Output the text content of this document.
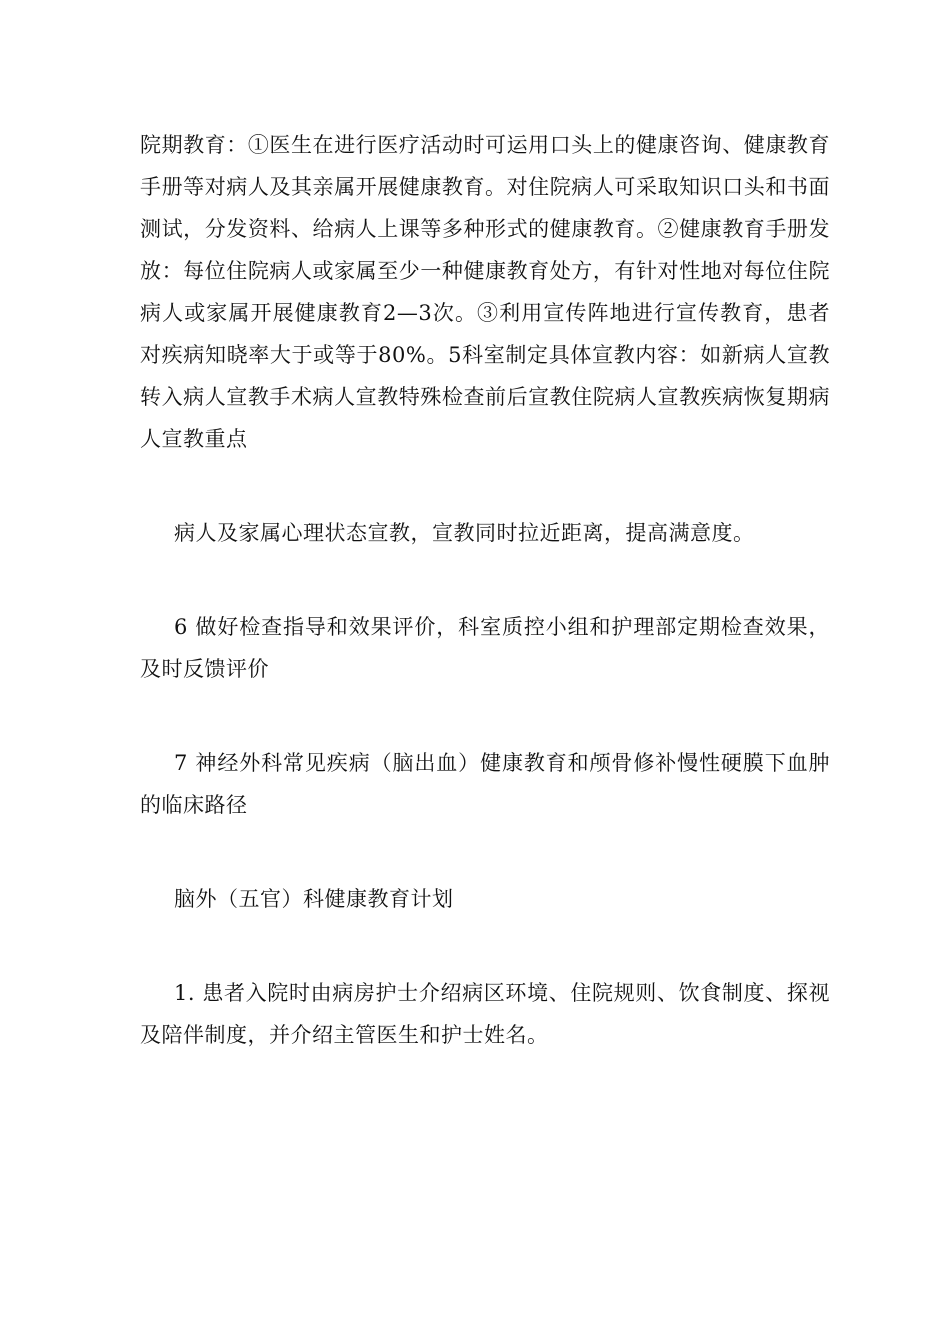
院期教育：①医生在进行医疗活动时可运用口头上的健康咨询、健康教育手册等对病人及其亲属开展健康教育。对住院病人可采取知识口头和书面测试，分发资料、给病人上课等多种形式的健康教育。②健康教育手册发放：每位住院病人或家属至少一种健康教育处方，有针对性地对每位住院病人或家属开展健康教育2—3次。③利用宣传阵地进行宣传教育，患者对疾病知晓率大于或等于80%。5科室制定具体宣教内容：如新病人宣教转入病人宣教手术病人宣教特殊检查前后宣教住院病人宣教疾病恢复期病人宣教重点

病人及家属心理状态宣教，宣教同时拉近距离，提高满意度。

6 做好检查指导和效果评价，科室质控小组和护理部定期检查效果，及时反馈评价

7 神经外科常见疾病（脑出血）健康教育和颅骨修补慢性硬膜下血肿的临床路径

脑外（五官）科健康教育计划

1. 患者入院时由病房护士介绍病区环境、住院规则、饮食制度、探视及陪伴制度，并介绍主管医生和护士姓名。
